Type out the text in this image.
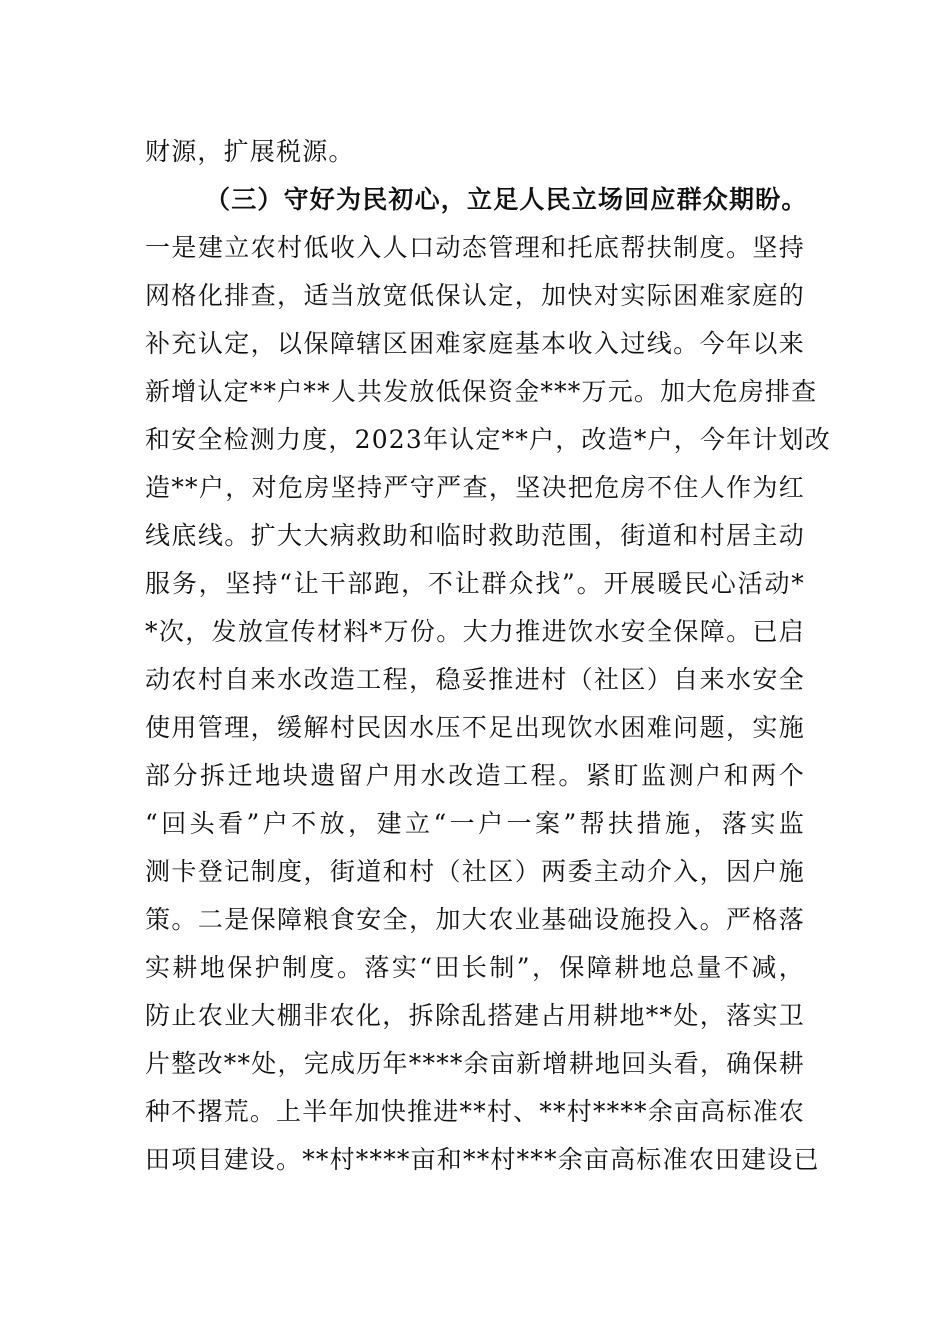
财源，扩展税源。
（三）守好为民初心，立足人民立场回应群众期盼。
一是建立农村低收入人口动态管理和托底帮扶制度。坚持
网格化排查，适当放宽低保认定，加快对实际困难家庭的
补充认定，以保障辖区困难家庭基本收入过线。今年以来
新增认定**户**人共发放低保资金***万元。加大危房排查
和安全检测力度，2023年认定**户，改造*户，今年计划改
造**户，对危房坚持严守严查，坚决把危房不住人作为红
线底线。扩大大病救助和临时救助范围，街道和村居主动
服务，坚持“让干部跑，不让群众找”。开展暖民心活动*
*次，发放宣传材料*万份。大力推进饮水安全保障。已启
动农村自来水改造工程，稳妥推进村（社区）自来水安全
使用管理，缓解村民因水压不足出现饮水困难问题，实施
部分拆迁地块遗留户用水改造工程。紧盯监测户和两个
“回头看”户不放，建立“一户一案”帮扶措施，落实监
测卡登记制度，街道和村（社区）两委主动介入，因户施
策。二是保障粮食安全，加大农业基础设施投入。严格落
实耕地保护制度。落实“田长制”，保障耕地总量不减，
防止农业大棚非农化，拆除乱搭建占用耕地**处，落实卫
片整改**处，完成历年****余亩新增耕地回头看，确保耕
种不撂荒。上半年加快推进**村、**村****余亩高标准农
田项目建设。**村****亩和**村***余亩高标准农田建设已
